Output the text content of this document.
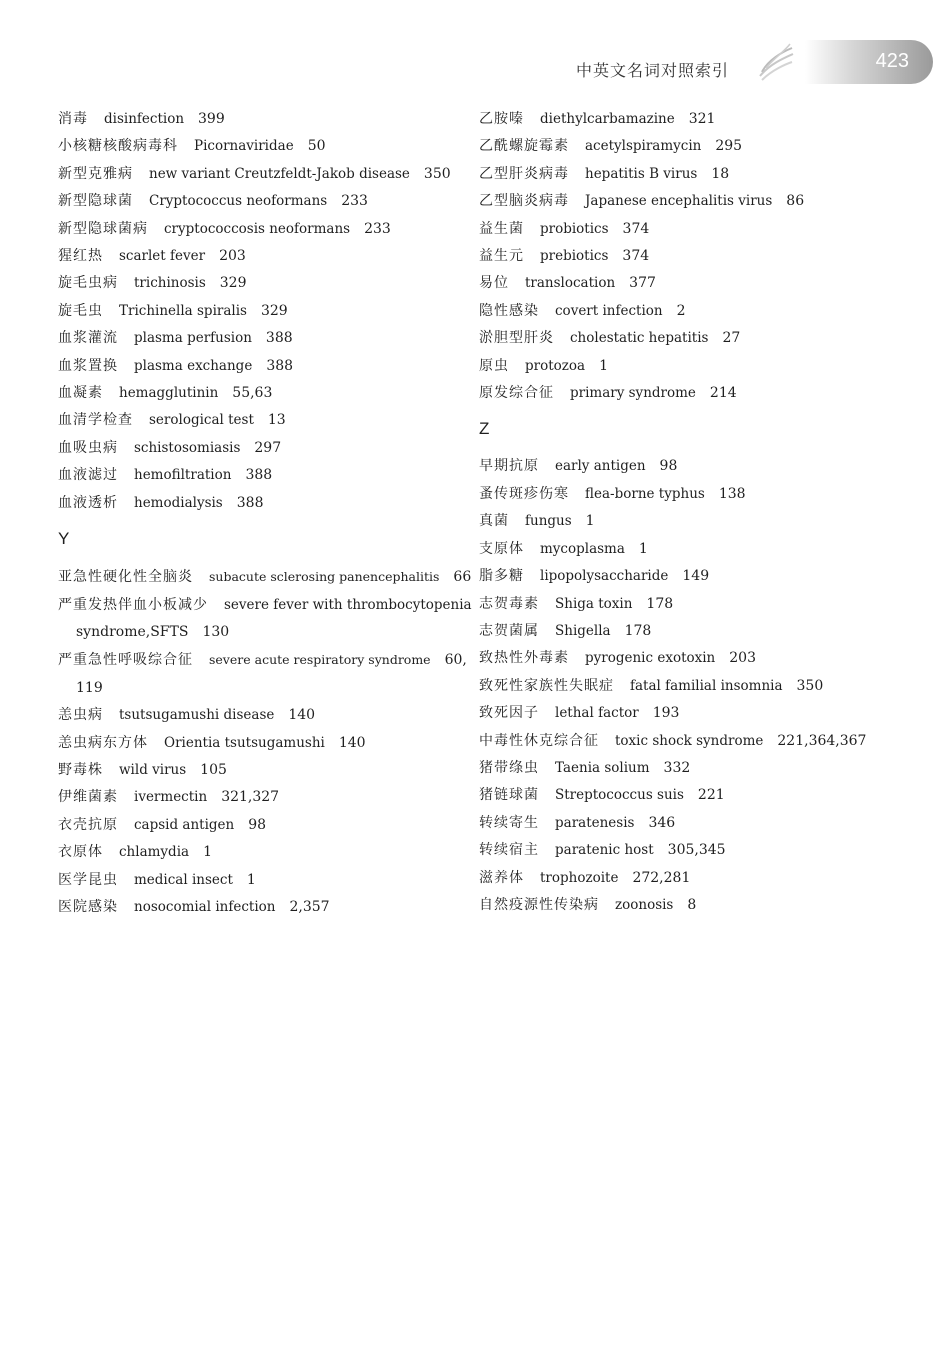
中英文名词对照索引	423
消毒 disinfection 399
小核糖核酸病毒科 Picornaviridae 50
新型克雅病 new variant Creutzfeldt-Jakob disease 350
新型隐球菌 Cryptococcus neoformans 233
新型隐球菌病 cryptococcosis neoformans 233
猩红热 scarlet fever 203
旋毛虫病 trichinosis 329
旋毛虫 Trichinella spiralis 329
血浆灌流 plasma perfusion 388
血浆置换 plasma exchange 388
血凝素 hemagglutinin 55,63
血清学检查 serological test 13
血吸虫病 schistosomiasis 297
血液滤过 hemofiltration 388
血液透析 hemodialysis 388
Y
亚急性硬化性全脑炎 subacute sclerosing panencephalitis 66
严重发热伴血小板减少 severe fever with thrombocytopenia
syndrome,SFTS 130
严重急性呼吸综合征 severe acute respiratory syndrome 60,
119
恙虫病 tsutsugamushi disease 140
恙虫病东方体 Orientia tsutsugamushi 140
野毒株 wild virus 105
伊维菌素 ivermectin 321,327
衣壳抗原 capsid antigen 98
衣原体 chlamydia 1
医学昆虫 medical insect 1
医院感染 nosocomial infection 2,357
乙胺嗪 diethylcarbamazine 321
乙酰螺旋霉素 acetylspiramycin 295
乙型肝炎病毒 hepatitis B virus 18
乙型脑炎病毒 Japanese encephalitis virus 86
益生菌 probiotics 374
益生元 prebiotics 374
易位 translocation 377
隐性感染 covert infection 2
淤胆型肝炎 cholestatic hepatitis 27
原虫 protozoa 1
原发综合征 primary syndrome 214
Z
早期抗原 early antigen 98
蚤传斑疹伤寒 flea-borne typhus 138
真菌 fungus 1
支原体 mycoplasma 1
脂多糖 lipopolysaccharide 149
志贺毒素 Shiga toxin 178
志贺菌属 Shigella 178
致热性外毒素 pyrogenic exotoxin 203
致死性家族性失眠症 fatal familial insomnia 350
致死因子 lethal factor 193
中毒性休克综合征 toxic shock syndrome 221,364,367
猪带绦虫 Taenia solium 332
猪链球菌 Streptococcus suis 221
转续寄生 paratenesis 346
转续宿主 paratenic host 305,345
滋养体 trophozoite 272,281
自然疫源性传染病 zoonosis 8
